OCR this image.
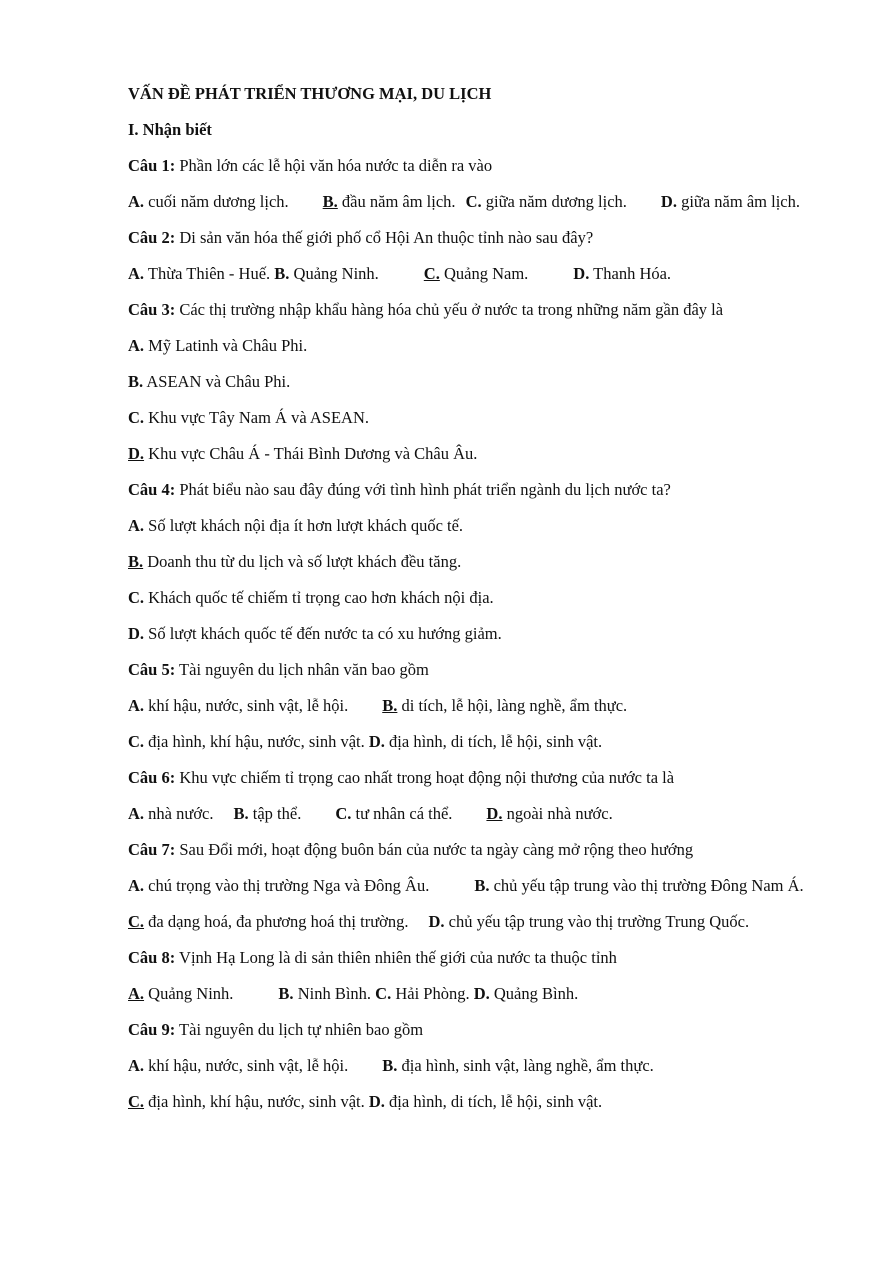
VẤN ĐỀ PHÁT TRIỂN THƯƠNG MẠI, DU LỊCH
I. Nhận biết
Câu 1: Phần lớn các lễ hội văn hóa nước ta diễn ra vào
A. cuối năm dương lịch. B. đầu năm âm lịch. C. giữa năm dương lịch. D. giữa năm âm lịch.
Câu 2: Di sản văn hóa thế giới phố cổ Hội An thuộc tỉnh nào sau đây?
A. Thừa Thiên - Huế. B. Quảng Ninh.	C. Quảng Nam.	D. Thanh Hóa.
Câu 3: Các thị trường nhập khẩu hàng hóa chủ yếu ở nước ta trong những năm gần đây là
A. Mỹ Latinh và Châu Phi.
B. ASEAN và Châu Phi.
C. Khu vực Tây Nam Á và ASEAN.
D. Khu vực Châu Á - Thái Bình Dương và Châu Âu.
Câu 4: Phát biểu nào sau đây đúng với tình hình phát triển ngành du lịch nước ta?
A. Số lượt khách nội địa ít hơn lượt khách quốc tế.
B. Doanh thu từ du lịch và số lượt khách đều tăng.
C. Khách quốc tế chiếm tỉ trọng cao hơn khách nội địa.
D. Số lượt khách quốc tế đến nước ta có xu hướng giảm.
Câu 5: Tài nguyên du lịch nhân văn bao gồm
A. khí hậu, nước, sinh vật, lễ hội. B. di tích, lễ hội, làng nghề, ẩm thực.
C. địa hình, khí hậu, nước, sinh vật. D. địa hình, di tích, lễ hội, sinh vật.
Câu 6: Khu vực chiếm tỉ trọng cao nhất trong hoạt động nội thương của nước ta là
A. nhà nước. B. tập thể. C. tư nhân cá thể. D. ngoài nhà nước.
Câu 7: Sau Đổi mới, hoạt động buôn bán của nước ta ngày càng mở rộng theo hướng
A. chú trọng vào thị trường Nga và Đông Âu.	B. chủ yếu tập trung vào thị trường Đông Nam Á.
C. đa dạng hoá, đa phương hoá thị trường. D. chủ yếu tập trung vào thị trường Trung Quốc.
Câu 8: Vịnh Hạ Long là di sản thiên nhiên thế giới của nước ta thuộc tỉnh
A. Quảng Ninh.	B. Ninh Bình. C. Hải Phòng. D. Quảng Bình.
Câu 9: Tài nguyên du lịch tự nhiên bao gồm
A. khí hậu, nước, sinh vật, lễ hội. B. địa hình, sinh vật, làng nghề, ẩm thực.
C. địa hình, khí hậu, nước, sinh vật. D. địa hình, di tích, lễ hội, sinh vật.
